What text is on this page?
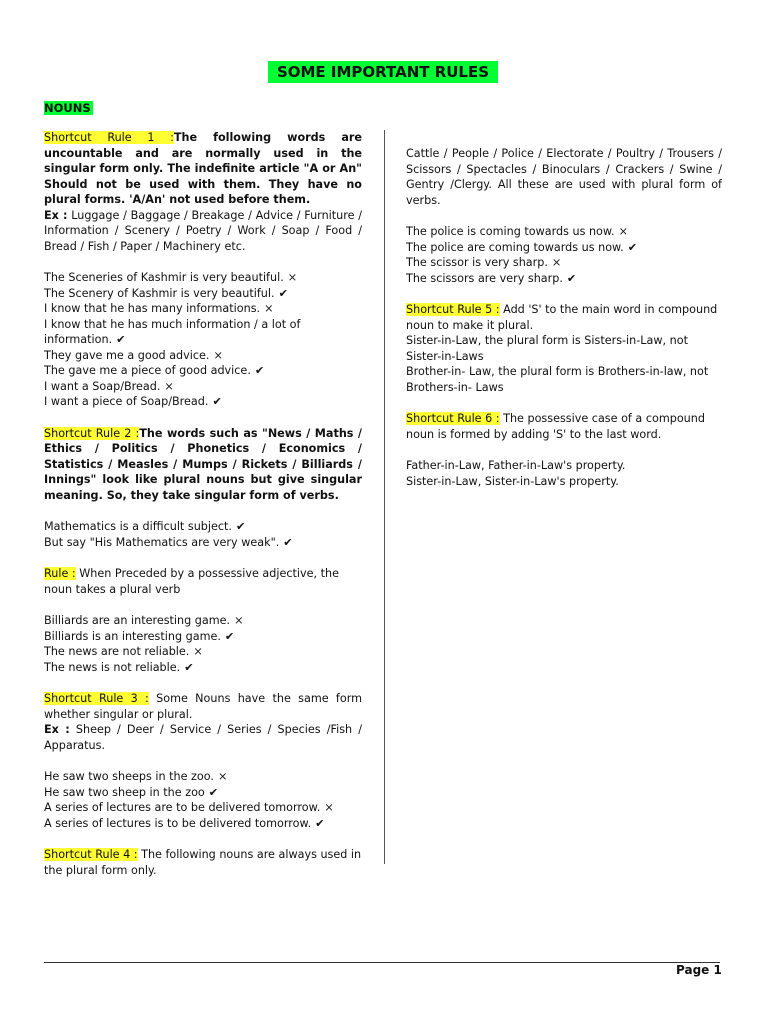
SOME IMPORTANT RULES
NOUNS
Shortcut Rule 1 :The following words are uncountable and are normally used in the singular form only. The indefinite article "A or An" Should not be used with them. They have no plural forms. 'A/An' not used before them.
Ex : Luggage / Baggage / Breakage / Advice / Furniture / Information / Scenery / Poetry / Work / Soap / Food / Bread / Fish / Paper / Machinery etc.
The Sceneries of Kashmir is very beautiful. ×
The Scenery of Kashmir is very beautiful. ✔
I know that he has many informations. ×
I know that he has much information / a lot of information. ✔
They gave me a good advice. ×
The gave me a piece of good advice. ✔
I want a Soap/Bread. ×
I want a piece of Soap/Bread. ✔
Shortcut Rule 2 :The words such as "News / Maths / Ethics / Politics / Phonetics / Economics / Statistics / Measles / Mumps / Rickets / Billiards / Innings" look like plural nouns but give singular meaning. So, they take singular form of verbs.
Mathematics is a difficult subject. ✔
But say "His Mathematics are very weak". ✔
Rule : When Preceded by a possessive adjective, the noun takes a plural verb
Billiards are an interesting game. ×
Billiards is an interesting game. ✔
The news are not reliable. ×
The news is not reliable. ✔
Shortcut Rule 3 : Some Nouns have the same form whether singular or plural.
Ex : Sheep / Deer / Service / Series / Species /Fish / Apparatus.
He saw two sheeps in the zoo. ×
He saw two sheep in the zoo ✔
A series of lectures are to be delivered tomorrow. ×
A series of lectures is to be delivered tomorrow. ✔
Shortcut Rule 4 : The following nouns are always used in the plural form only.
Cattle / People / Police / Electorate / Poultry / Trousers / Scissors / Spectacles / Binoculars / Crackers / Swine / Gentry /Clergy. All these are used with plural form of verbs.
The police is coming towards us now. ×
The police are coming towards us now. ✔
The scissor is very sharp. ×
The scissors are very sharp. ✔
Shortcut Rule 5 : Add 'S' to the main word in compound noun to make it plural.
Sister-in-Law, the plural form is Sisters-in-Law, not Sister-in-Laws
Brother-in- Law, the plural form is Brothers-in-law, not Brothers-in- Laws
Shortcut Rule 6 : The possessive case of a compound noun is formed by adding 'S' to the last word.
Father-in-Law, Father-in-Law's property.
Sister-in-Law, Sister-in-Law's property.
Page 1
